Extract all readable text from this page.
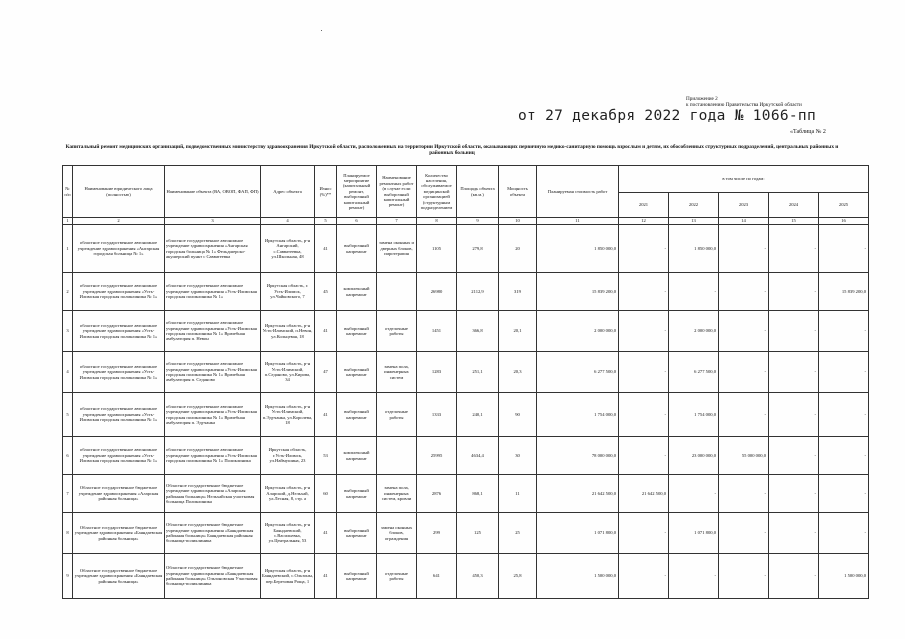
Приложение 2
к постановлению Правительства Иркутской области
от 27 декабря 2022 года № 1066-пп
«Таблица № 2
Капитальный ремонт медицинских организаций, подведомственных министерству здравоохранения Иркутской области, расположенных на территории Иркутской области, оказывающих первичную медико-санитарную помощь взрослым и детям, их обособленных структурных подразделений, центральных районных и районных больниц
№ п/п	Наименование юридического лица (полностью)	Наименование объекта (ВА, ОВОП, ФАП, ФП)	Адрес объекта	Износ (%)**	Планируемое мероприятие (капитальный ремонт, выборочный капитальный ремонт)	Наименование ремонтных работ (в случае если выборочный капитальный ремонт)	Количество населения, обслуживаемое медицинской организацией (структурным подразделением	Площадь объекта (кв.м.)	Мощность объекта	Планируемая стоимость работ	в том числе по годам:				
											2021	2022	2023	2024	2025
1	2	3	4	5	6	7	8	9	10	11	12	13	14	15	16
1	областное государственное автономное учреждение здравоохранения «Ангарская городская больница № 1»	областное государственное автономное учреждение здравоохранения «Ангарская городская больница № 1» Фельдшерско-акушерский пункт с Савватеевка	Иркутская область, р-н Ангарский, с.Савватеевка, ул.Школьная, 48	41	выборочный капремонт	замена оконных и дверных блоков, пиротерапия	1105	279,8	20	1 850 000,0	-	1 850 000,0	-	-	-
2	областное государственное автономное учреждение здравоохранения «Усть-Илимская городская поликлиника № 1»	областное государственное автономное учреждение здравоохранения «Усть-Илимская городская поликлиника № 1»	Иркутская область, г. Усть-Илимск, ул.Чайковского, 7	45	комплексный капремонт		26980	2112,9	319	15 839 200,0	-	-	-	-	15 839 200,0
3	областное государственное автономное учреждение здравоохранения «Усть-Илимская городская поликлиника № 1»	областное государственное автономное учреждение здравоохранения «Усть-Илимская городская поликлиника № 1» Врачебная амбулатория п. Невон	Иркутская область, р-н Усть-Илимский, п.Невон, ул.Кольцевая, 18	41	выборочный капремонт	отделочные работы	1451	366,8	20,1	2 000 000,0	-	2 000 000,0	-	-	-
4	областное государственное автономное учреждение здравоохранения «Усть-Илимская городская поликлиника № 1»	областное государственное автономное учреждение здравоохранения «Усть-Илимская городская поликлиника № 1» Врачебная амбулатория п. Седаново	Иркутская область, р-н Усть-Илимский, п.Седаново, ул.Кирова, 34	47	выборочный капремонт	замена пола, инженерных систем	1283	251,1	20,3	6 277 500,0	-	6 277 500,0	-	-	-
5	областное государственное автономное учреждение здравоохранения «Усть-Илимская городская поликлиника № 1»	областное государственное автономное учреждение здравоохранения «Усть-Илимская городская поликлиника № 1» Врачебная амбулатория п. Эдучанка	Иркутская область, р-н Усть-Илимский, п.Эдучанка, ул.Королева, 18	41	выборочный капремонт	отделочные работы	1333	240,1	90	1 754 000,0	-	1 754 000,0	-	-	-
6	областное государственное автономное учреждение здравоохранения «Усть-Илимская городская поликлиника № 1»	областное государственное автономное учреждение здравоохранения «Усть-Илимская городская поликлиника № 1» Поликлиника	Иркутская область, г.Усть-Илимск, ул.Наймушина, 23	53	комплексный капремонт		25995	4634,4	30	78 000 000,0	-	23 000 000,0	55 000 000,0	-	-
7	Областное государственное бюджетное учреждение здравоохранения «Аларская районная больница»	Областное государственное бюджетное учреждение здравоохранения «Аларская районная больница» Нельхайская участковая больница Поликлиника	Иркутская область, р-н Аларский, д.Нельхай, ул.Лесная, 8, стр. а	60	выборочный капремонт	замена пола, инженерных систем, кровли	2876	868,1	11	21 642 500,0	21 642 500,0	-	-	-	-
8	Областное государственное бюджетное учреждение здравоохранения «Баяндаевская районная больница»	Областное государственное бюджетное учреждение здравоохранения «Баяндаевская районная больница» Баяндаевская районная больница-поликлиника	Иркутская область, р-н Баяндаевский, с.Васильевка, ул.Центральная, 53	41	выборочный капремонт	замена оконных блоков, ограждения	299	125	25	1 071 800,0	-	1 071 800,0	-	-	-
9	Областное государственное бюджетное учреждение здравоохранения «Баяндаевская районная больница»	Областное государственное бюджетное учреждение здравоохранения «Баяндаевская районная больница» Ользоновская Участковая больница-поликлиника	Иркутская область, р-н Баяндаевский, с.Ользоны, пер.Березовая Роща, 1	41	выборочный капремонт	отделочные работы	641	450,3	25,8	1 500 000,0	-	-	-	-	1 500 000,0
